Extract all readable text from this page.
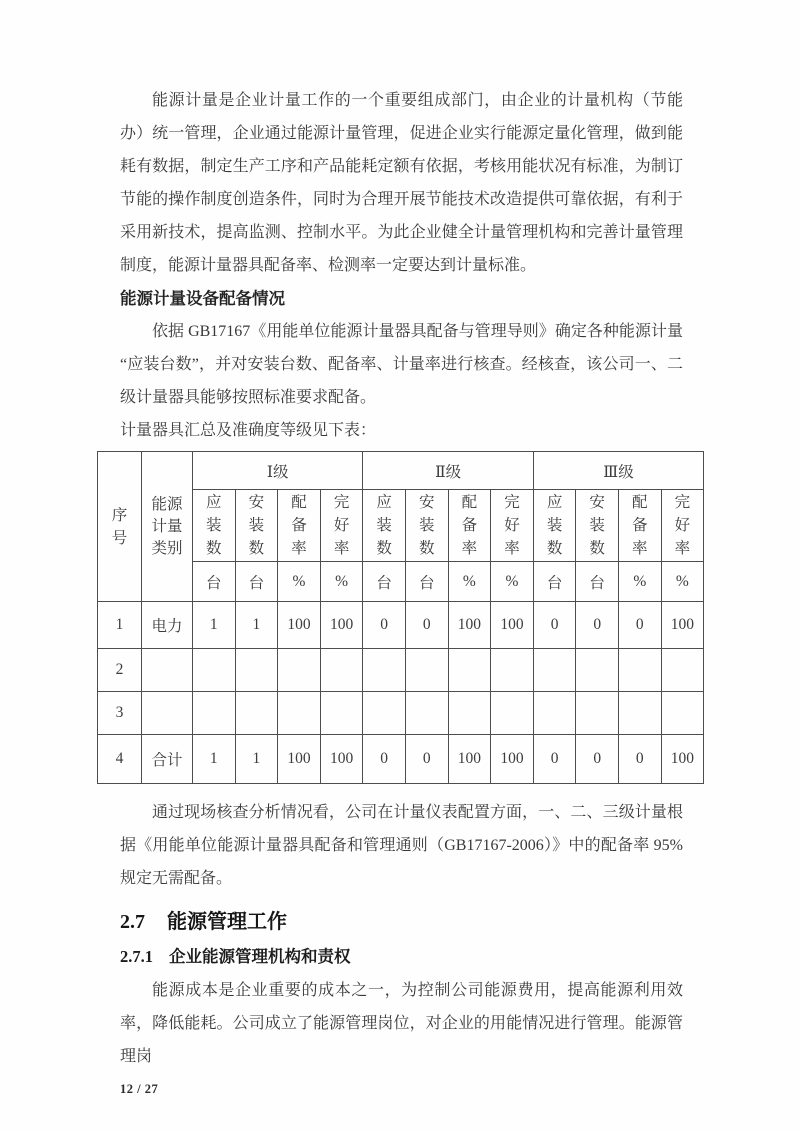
能源计量是企业计量工作的一个重要组成部门，由企业的计量机构（节能办）统一管理，企业通过能源计量管理，促进企业实行能源定量化管理，做到能耗有数据，制定生产工序和产品能耗定额有依据，考核用能状况有标准，为制订节能的操作制度创造条件，同时为合理开展节能技术改造提供可靠依据，有利于采用新技术，提高监测、控制水平。为此企业健全计量管理机构和完善计量管理制度，能源计量器具配备率、检测率一定要达到计量标准。

能源计量设备配备情况

依据 GB17167《用能单位能源计量器具配备与管理导则》确定各种能源计量“应装台数”，并对安装台数、配备率、计量率进行核查。经核查，该公司一、二级计量器具能够按照标准要求配备。

计量器具汇总及准确度等级见下表：

序号	能源计量类别	Ⅰ级				Ⅱ级				Ⅲ级			
		应装数	安装数	配备率	完好率	应装数	安装数	配备率	完好率	应装数	安装数	配备率	完好率
		台	台	%	%	台	台	%	%	台	台	%	%
1	电力	1	1	100	100	0	0	100	100	0	0	0	100
2													
3													
4	合计	1	1	100	100	0	0	100	100	0	0	0	100

通过现场核查分析情况看，公司在计量仪表配置方面，一、二、三级计量根据《用能单位能源计量器具配备和管理通则（GB17167-2006）》中的配备率 95%规定无需配备。

2.7 能源管理工作
2.7.1 企业能源管理机构和责权

能源成本是企业重要的成本之一，为控制公司能源费用，提高能源利用效率，降低能耗。公司成立了能源管理岗位，对企业的用能情况进行管理。能源管理岗

12 / 27
